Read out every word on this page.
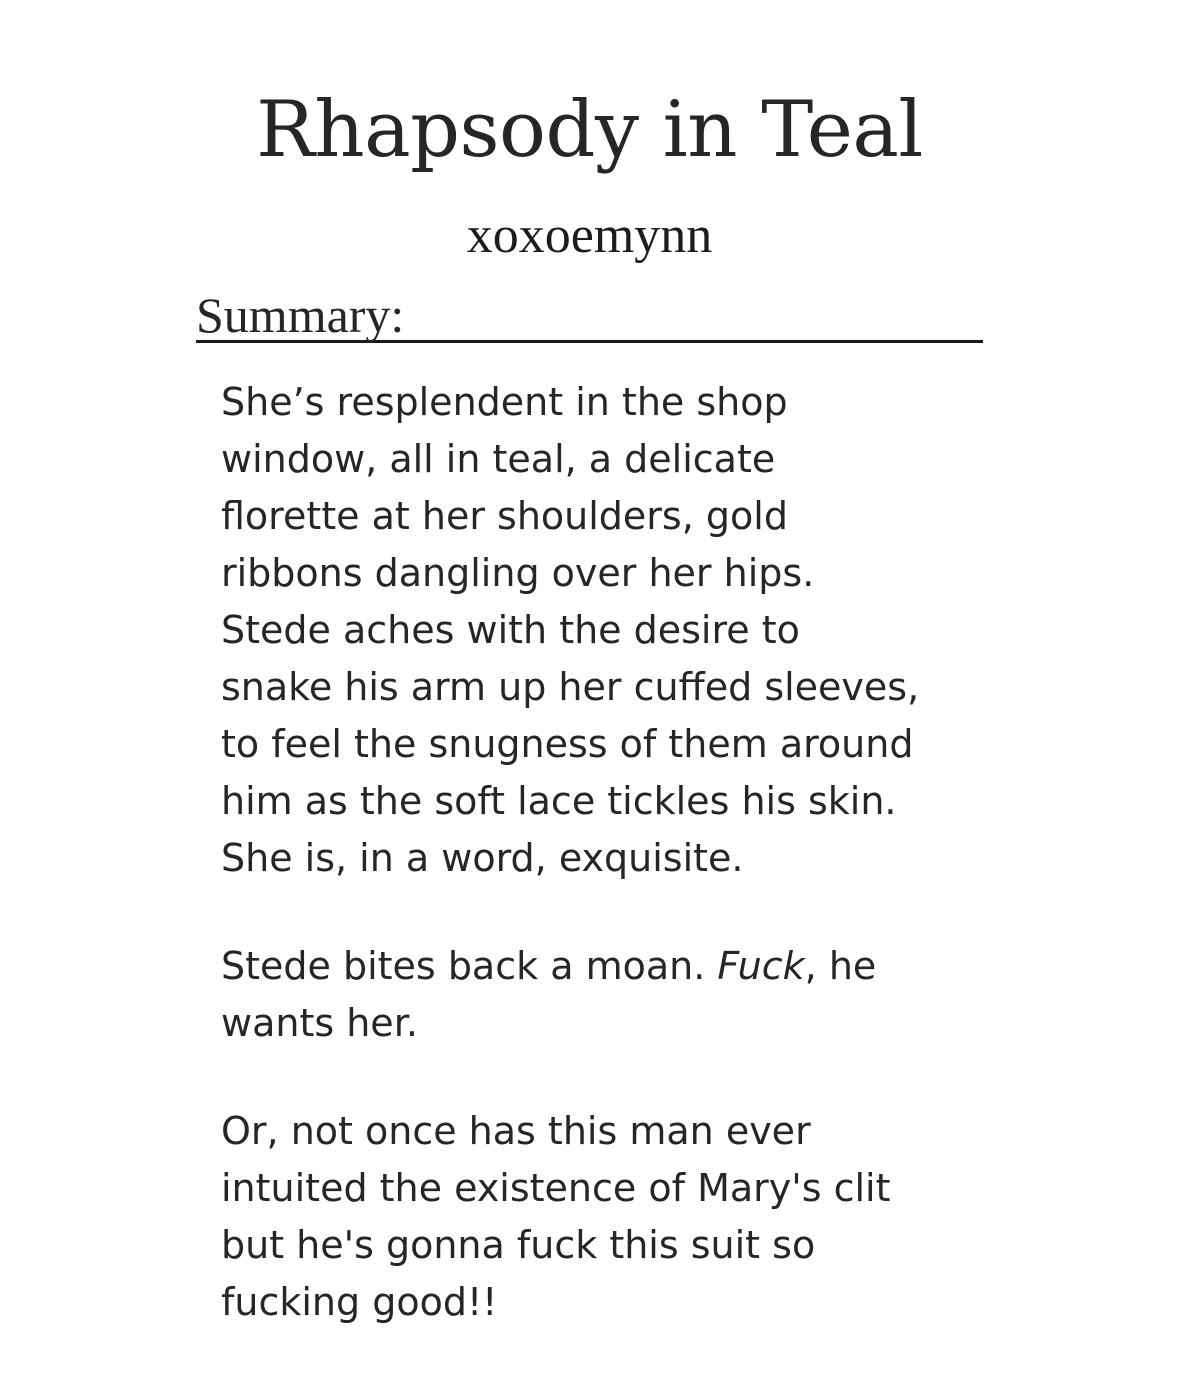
Rhapsody in Teal
xoxoemynn
Summary:

She’s resplendent in the shop
window, all in teal, a delicate
florette at her shoulders, gold
ribbons dangling over her hips.
Stede aches with the desire to
snake his arm up her cuffed sleeves,
to feel the snugness of them around
him as the soft lace tickles his skin.
She is, in a word, exquisite.

Stede bites back a moan. Fuck, he
wants her.

Or, not once has this man ever
intuited the existence of Mary's clit
but he's gonna fuck this suit so
fucking good!!
